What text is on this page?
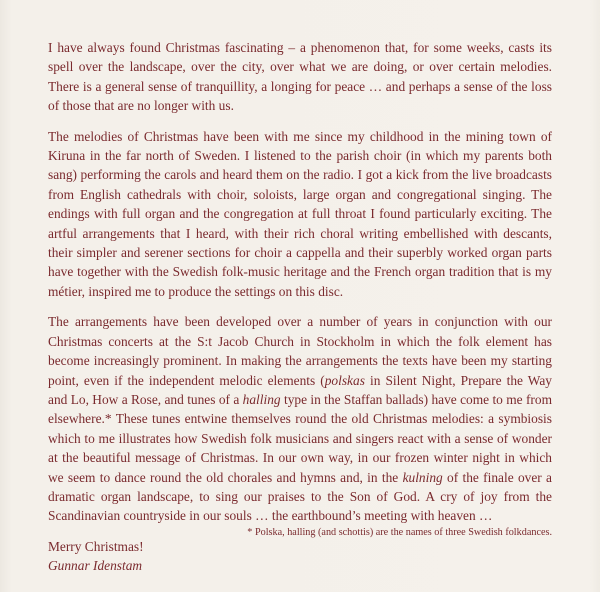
I have always found Christmas fascinating – a phenomenon that, for some weeks, casts its spell over the landscape, over the city, over what we are doing, or over certain melodies. There is a general sense of tranquillity, a longing for peace … and perhaps a sense of the loss of those that are no longer with us.

The melodies of Christmas have been with me since my childhood in the mining town of Kiruna in the far north of Sweden. I listened to the parish choir (in which my parents both sang) performing the carols and heard them on the radio. I got a kick from the live broadcasts from English cathedrals with choir, soloists, large organ and congregational singing. The endings with full organ and the congregation at full throat I found particularly exciting. The artful arrangements that I heard, with their rich choral writing embellished with descants, their simpler and serener sections for choir a cappella and their superbly worked organ parts have together with the Swedish folk-music heritage and the French organ tradition that is my métier, inspired me to produce the settings on this disc.

The arrangements have been developed over a number of years in conjunction with our Christmas concerts at the S:t Jacob Church in Stockholm in which the folk element has become increasingly prominent. In making the arrangements the texts have been my starting point, even if the independent melodic elements (polskas in Silent Night, Prepare the Way and Lo, How a Rose, and tunes of a halling type in the Staffan ballads) have come to me from elsewhere.* These tunes entwine themselves round the old Christmas melodies: a symbiosis which to me illustrates how Swedish folk musicians and singers react with a sense of wonder at the beautiful message of Christmas. In our own way, in our frozen winter night in which we seem to dance round the old chorales and hymns and, in the kulning of the finale over a dramatic organ landscape, to sing our praises to the Son of God. A cry of joy from the Scandinavian countryside in our souls … the earthbound’s meeting with heaven …

Merry Christmas!
Gunnar Idenstam
* Polska, halling (and schottis) are the names of three Swedish folkdances.
